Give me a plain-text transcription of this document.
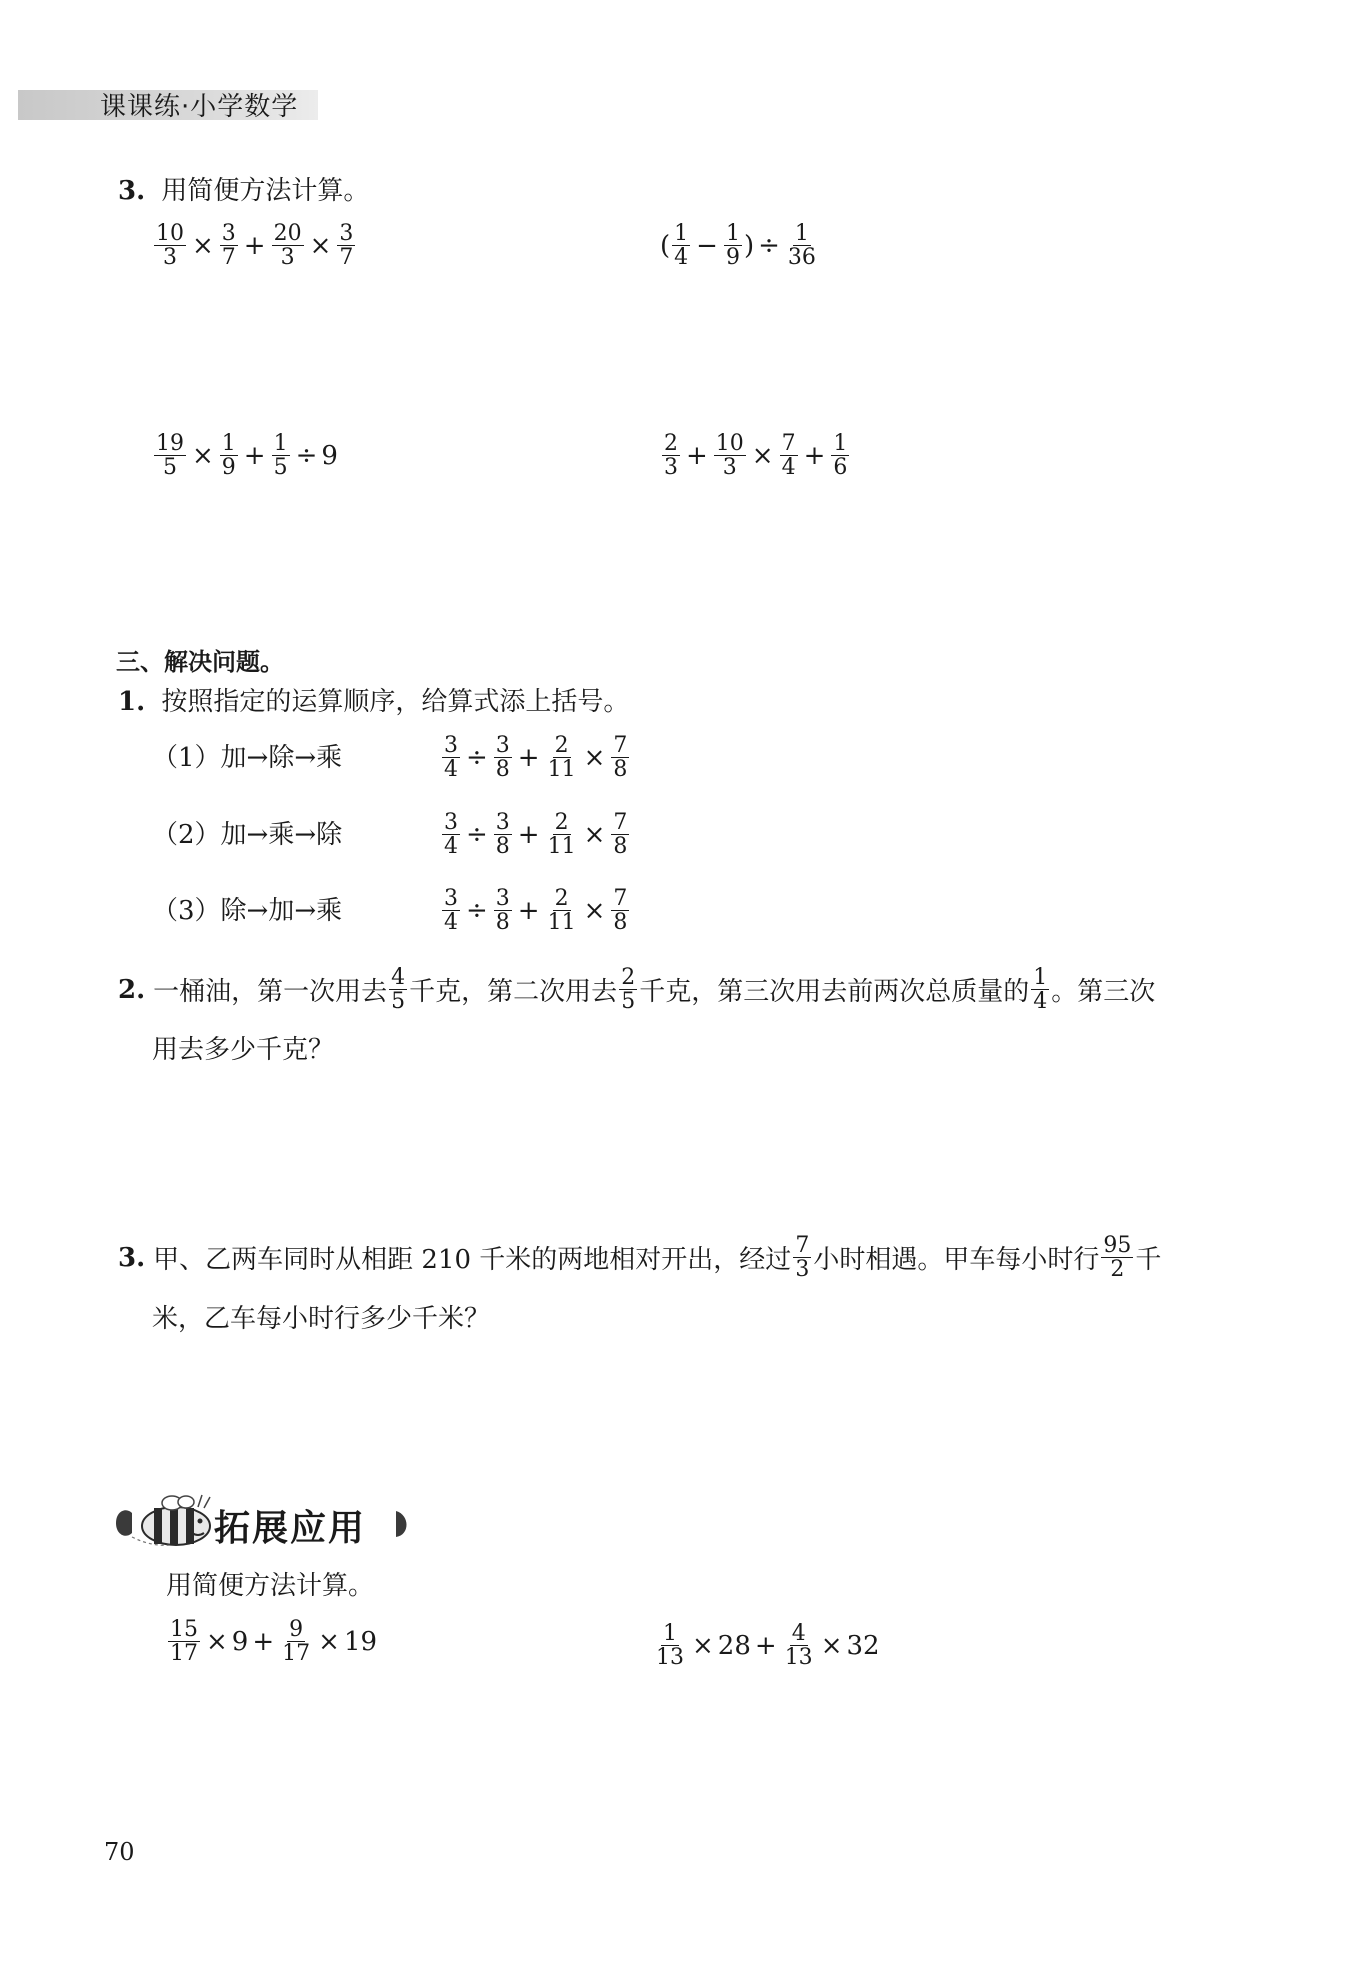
课课练·小学数学
3. 用简便方法计算。
$\frac{10}{3} \times \frac{3}{7} + \frac{20}{3} \times \frac{3}{7}$	( $\frac{1}{4} - \frac{1}{9}$ ) ÷ $\frac{1}{36}$
$\frac{19}{5} \times \frac{1}{9} + \frac{1}{5} \div 9$	$\frac{2}{3} + \frac{10}{3} \times \frac{7}{4} + \frac{1}{6}$
三、解决问题。
1. 按照指定的运算顺序，给算式添上括号。
（1）加→除→乘	$\frac{3}{4} \div \frac{3}{8} + \frac{2}{11} \times \frac{7}{8}$
（2）加→乘→除	$\frac{3}{4} \div \frac{3}{8} + \frac{2}{11} \times \frac{7}{8}$
（3）除→加→乘	$\frac{3}{4} \div \frac{3}{8} + \frac{2}{11} \times \frac{7}{8}$
2. 一桶油，第一次用去 $\frac{4}{5}$ 千克，第二次用去 $\frac{2}{5}$ 千克，第三次用去前两次总质量的 $\frac{1}{4}$ 。第三次
用去多少千克？
3. 甲、乙两车同时从相距 210 千米的两地相对开出，经过 $\frac{7}{3}$ 小时相遇。甲车每小时行 $\frac{95}{2}$ 千
米，乙车每小时行多少千米？
拓展应用
用简便方法计算。
$\frac{15}{17} \times 9 + \frac{9}{17} \times 19$	$\frac{1}{13} \times 28 + \frac{4}{13} \times 32$
70
